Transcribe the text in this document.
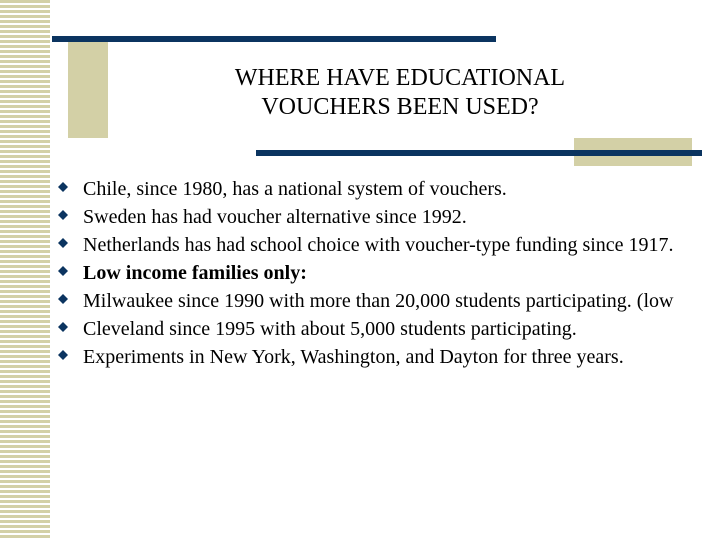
WHERE HAVE EDUCATIONAL
VOUCHERS BEEN USED?
Chile, since 1980, has a national system of vouchers.
Sweden has had voucher alternative since 1992.
Netherlands has had school choice with voucher-type funding since 1917.
Low income families only:
Milwaukee since 1990 with more than 20,000 students participating. (low
Cleveland since 1995 with about 5,000 students participating.
Experiments in New York, Washington, and Dayton for three years.
